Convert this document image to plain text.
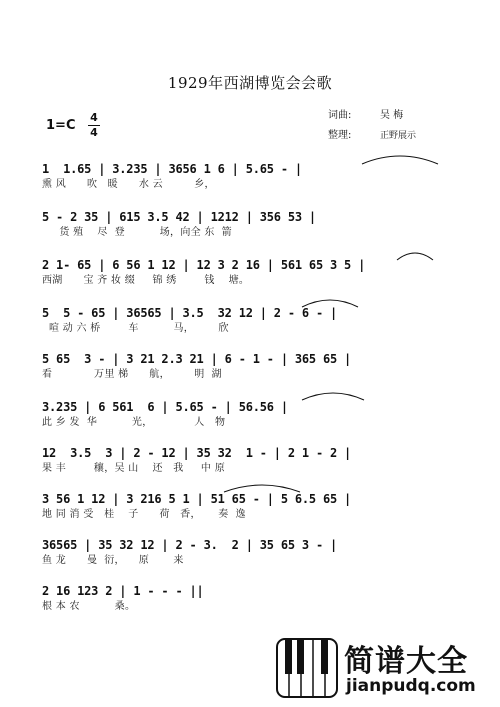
1929年西湖博览会会歌
1=C
4
4
词曲:	吴 梅
整理:	正野展示
1  1.65 | 3.235 | 3656 1 6 | 5.65 - |
熏 风      吹   暖      水 云         乡，
5 - 2 35 | 615 3.5 42 | 1212 | 356 53 |
货 殖    尽  登          场，向全 东  箭
2 1- 65 | 6 56 1 12 | 12 3 2 16 | 561 65 3 5 |
西湖      宝 齐 妆 缀     锦 绣        钱    塘。
5  5 - 65 | 36565 | 3.5  32 12 | 2 - 6 - |
喧 动 六 桥        车          马，       欣
5 65  3 - | 3 21 2.3 21 | 6 - 1 - | 365 65 |
看            万里 梯      航，       明  湖
3.235 | 6 561  6 | 5.65 - | 56.56 |
此 乡 发  华          光，            人   物
12  3.5  3 | 2 - 12 | 35 32  1 - | 2 1 - 2 |
果 丰        穰，吴 山    还   我     中 原
3 56 1 12 | 3 216 5 1 | 51 65 - | 5 6.5 65 |
地 同 消 受   桂    子      荷   香，     奏  逸
36565 | 35 32 12 | 2 - 3.  2 | 35 65 3 - |
鱼 龙      曼  衍，    原       来
2 16 123 2 | 1 - - - ||
根 本 农          桑。
简谱大全
jianpudq.com
